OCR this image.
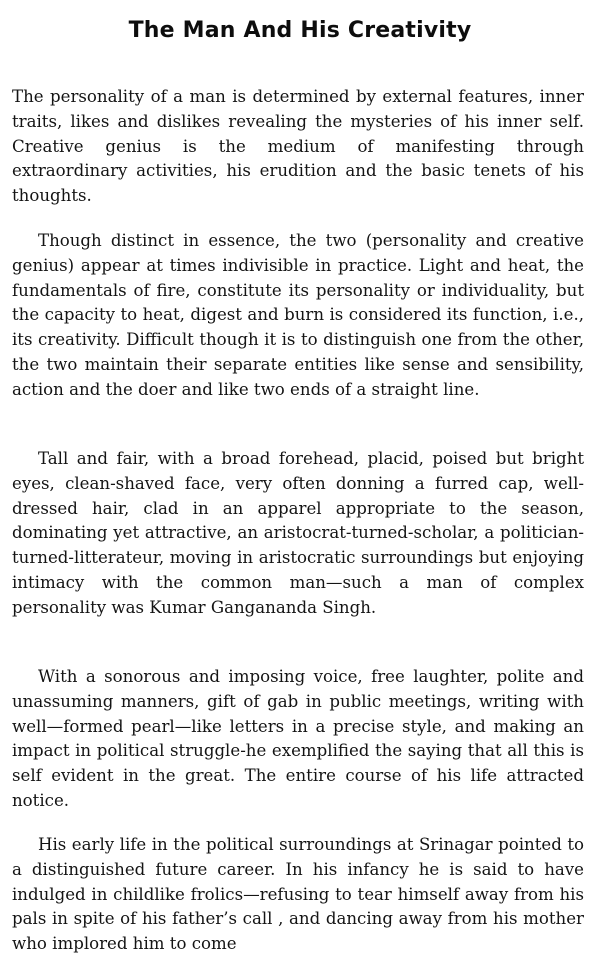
The Man And His Creativity

The personality of a man is determined by external features, inner traits, likes and dislikes revealing the mysteries of his inner self. Creative genius is the medium of manifesting through extraordinary activities, his erudition and the basic tenets of his thoughts.

Though distinct in essence, the two (personality and creative genius) appear at times indivisible in practice. Light and heat, the fundamentals of fire, constitute its personality or individuality, but the capacity to heat, digest and burn is considered its function, i.e., its creativity. Difficult though it is to distinguish one from the other, the two maintain their separate entities like sense and sensibility, action and the doer and like two ends of a straight line.

Tall and fair, with a broad forehead, placid, poised but bright eyes, clean-shaved face, very often donning a furred cap, well-dressed hair, clad in an apparel appropriate to the season, dominating yet attractive, an aristocrat-turned-scholar, a politician-turned-litterateur, moving in aristocratic surroundings but enjoying intimacy with the common man—such a man of complex personality was Kumar Gangananda Singh.

With a sonorous and imposing voice, free laughter, polite and unassuming manners, gift of gab in public meetings, writing with well—formed pearl—like letters in a precise style, and making an impact in political struggle-he exemplified the saying that all this is self evident in the great. The entire course of his life attracted notice.

His early life in the political surroundings at Srinagar pointed to a distinguished future career. In his infancy he is said to have indulged in childlike frolics—refusing to tear himself away from his pals in spite of his father’s call , and dancing away from his mother who implored him to come
